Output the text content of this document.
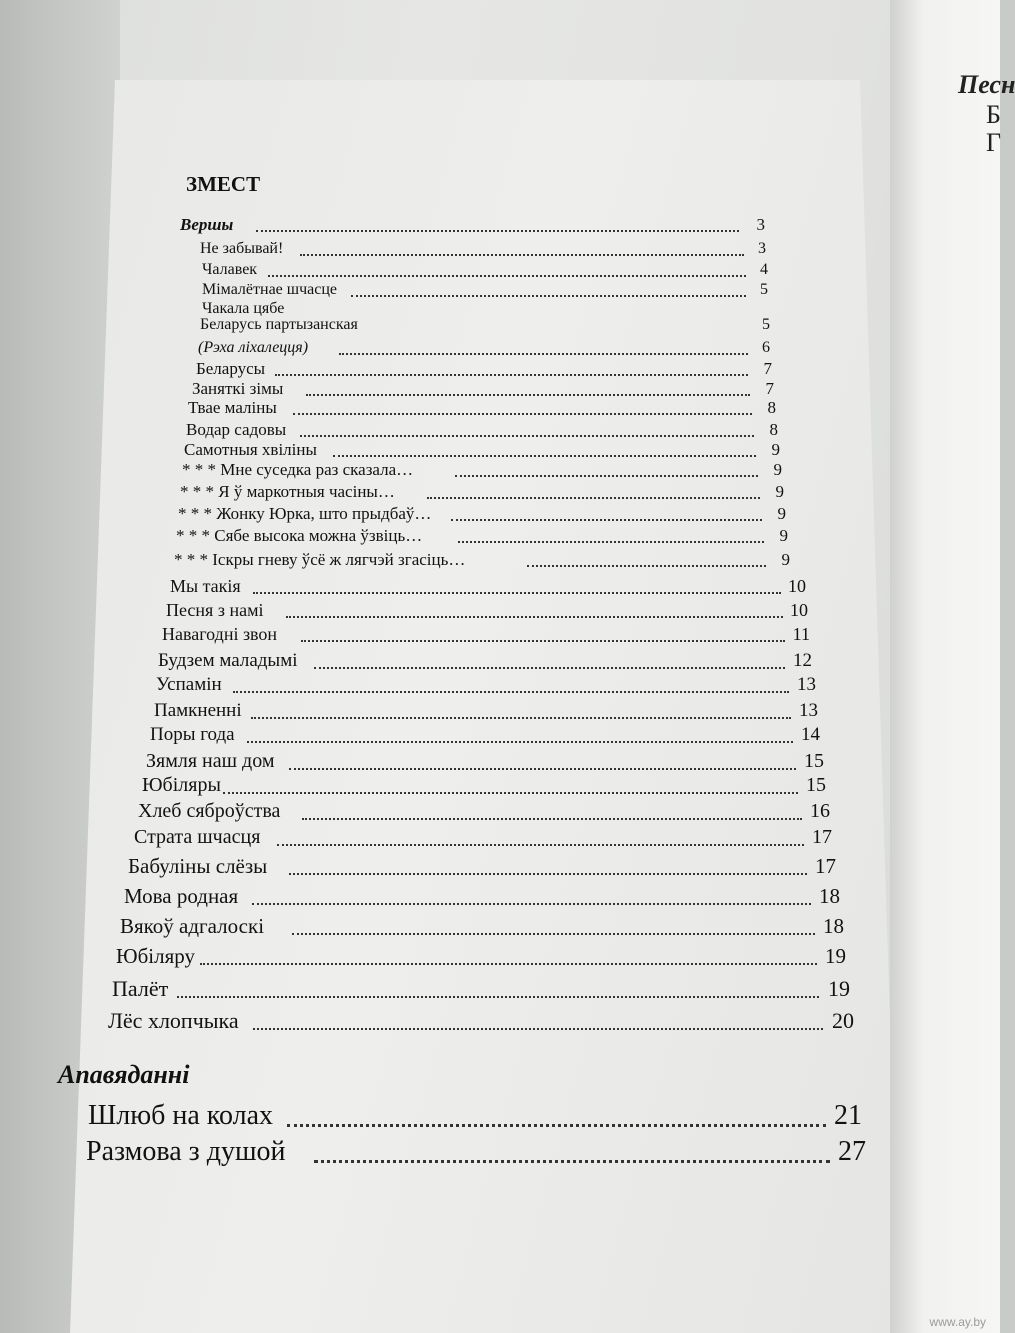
Песн
Б
Г
ЗМЕСТ
Вершы	3
Не забывай!	3
Чалавек	4
Мімалётнае шчасце	5
Чакала цябе
Беларусь партызанская	5
(Рэха ліхалецця)	6
Беларусы	7
Заняткі зімы	7
Тваe маліны	8
Водар садовы	8
Самотныя хвіліны	9
* * * Мне суседка раз сказала…	9
* * * Я ў маркотныя часіны…	9
* * * Жонку Юрка, што прыдбаў…	9
* * * Сябе высока можна ўзвіць…	9
* * * Іскры гневу ўсё ж лягчэй згасіць…	9
Мы такія	10
Песня з намі	10
Навагодні звон	11
Будзем маладымі	12
Успамін	13
Памкненні	13
Поры года	14
Зямля наш дом	15
Юбіляры	15
Хлеб сяброўства	16
Страта шчасця	17
Бабуліны слёзы	17
Мова родная	18
Вякоў адгалоскі	18
Юбіляру	19
Палёт	19
Лёс хлопчыка	20
Апавяданні
Шлюб на колах	21
Размова з душой	27
www.ay.by
